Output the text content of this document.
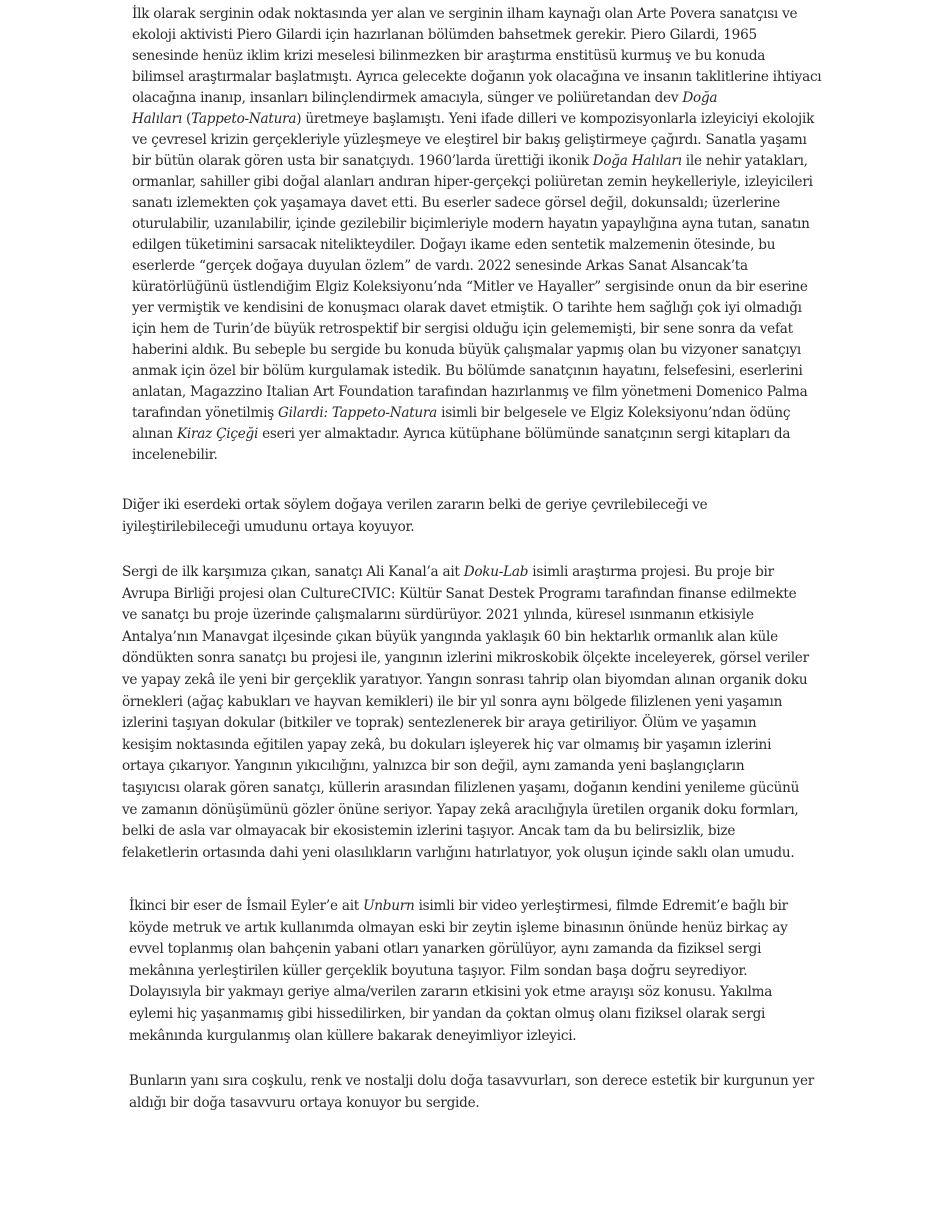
İlk olarak serginin odak noktasında yer alan ve serginin ilham kaynağı olan Arte Povera sanatçısı ve
ekoloji aktivisti Piero Gilardi için hazırlanan bölümden bahsetmek gerekir. Piero Gilardi, 1965
senesinde henüz iklim krizi meselesi bilinmezken bir araştırma enstitüsü kurmuş ve bu konuda
bilimsel araştırmalar başlatmıştı. Ayrıca gelecekte doğanın yok olacağına ve insanın taklitlerine ihtiyacı
olacağına inanıp, insanları bilinçlendirmek amacıyla, sünger ve poliüretandan dev Doğa
Halıları (Tappeto-Natura) üretmeye başlamıştı. Yeni ifade dilleri ve kompozisyonlarla izleyiciyi ekolojik
ve çevresel krizin gerçekleriyle yüzleşmeye ve eleştirel bir bakış geliştirmeye çağırdı. Sanatla yaşamı
bir bütün olarak gören usta bir sanatçıydı. 1960’larda ürettiği ikonik Doğa Halıları ile nehir yatakları,
ormanlar, sahiller gibi doğal alanları andıran hiper-gerçekçi poliüretan zemin heykelleriyle, izleyicileri
sanatı izlemekten çok yaşamaya davet etti. Bu eserler sadece görsel değil, dokunsaldı; üzerlerine
oturulabilir, uzanılabilir, içinde gezilebilir biçimleriyle modern hayatın yapaylığına ayna tutan, sanatın
edilgen tüketimini sarsacak nitelikteydiler. Doğayı ikame eden sentetik malzemenin ötesinde, bu
eserlerde “gerçek doğaya duyulan özlem” de vardı. 2022 senesinde Arkas Sanat Alsancak’ta
küratörlüğünü üstlendiğim Elgiz Koleksiyonu’nda “Mitler ve Hayaller” sergisinde onun da bir eserine
yer vermiştik ve kendisini de konuşmacı olarak davet etmiştik. O tarihte hem sağlığı çok iyi olmadığı
için hem de Turin’de büyük retrospektif bir sergisi olduğu için gelememişti, bir sene sonra da vefat
haberini aldık. Bu sebeple bu sergide bu konuda büyük çalışmalar yapmış olan bu vizyoner sanatçıyı
anmak için özel bir bölüm kurgulamak istedik. Bu bölümde sanatçının hayatını, felsefesini, eserlerini
anlatan, Magazzino Italian Art Foundation tarafından hazırlanmış ve film yönetmeni Domenico Palma
tarafından yönetilmiş Gilardi: Tappeto-Natura isimli bir belgesele ve Elgiz Koleksiyonu’ndan ödünç
alınan Kiraz Çiçeği eseri yer almaktadır. Ayrıca kütüphane bölümünde sanatçının sergi kitapları da
incelenebilir.

Diğer iki eserdeki ortak söylem doğaya verilen zararın belki de geriye çevrilebileceği ve
iyileştirilebileceği umudunu ortaya koyuyor.

Sergi de ilk karşımıza çıkan, sanatçı Ali Kanal’a ait Doku-Lab isimli araştırma projesi. Bu proje bir
Avrupa Birliği projesi olan CultureCIVIC: Kültür Sanat Destek Programı tarafından finanse edilmekte
ve sanatçı bu proje üzerinde çalışmalarını sürdürüyor. 2021 yılında, küresel ısınmanın etkisiyle
Antalya’nın Manavgat ilçesinde çıkan büyük yangında yaklaşık 60 bin hektarlık ormanlık alan küle
döndükten sonra sanatçı bu projesi ile, yangının izlerini mikroskobik ölçekte inceleyerek, görsel veriler
ve yapay zekâ ile yeni bir gerçeklik yaratıyor. Yangın sonrası tahrip olan biyomdan alınan organik doku
örnekleri (ağaç kabukları ve hayvan kemikleri) ile bir yıl sonra aynı bölgede filizlenen yeni yaşamın
izlerini taşıyan dokular (bitkiler ve toprak) sentezlenerek bir araya getiriliyor. Ölüm ve yaşamın
kesişim noktasında eğitilen yapay zekâ, bu dokuları işleyerek hiç var olmamış bir yaşamın izlerini
ortaya çıkarıyor. Yangının yıkıcılığını, yalnızca bir son değil, aynı zamanda yeni başlangıçların
taşıyıcısı olarak gören sanatçı, küllerin arasından filizlenen yaşamı, doğanın kendini yenileme gücünü
ve zamanın dönüşümünü gözler önüne seriyor. Yapay zekâ aracılığıyla üretilen organik doku formları,
belki de asla var olmayacak bir ekosistemin izlerini taşıyor. Ancak tam da bu belirsizlik, bize
felaketlerin ortasında dahi yeni olasılıkların varlığını hatırlatıyor, yok oluşun içinde saklı olan umudu.

İkinci bir eser de İsmail Eyler’e ait Unburn isimli bir video yerleştirmesi, filmde Edremit’e bağlı bir
köyde metruk ve artık kullanımda olmayan eski bir zeytin işleme binasının önünde henüz birkaç ay
evvel toplanmış olan bahçenin yabani otları yanarken görülüyor, aynı zamanda da fiziksel sergi
mekânına yerleştirilen küller gerçeklik boyutuna taşıyor. Film sondan başa doğru seyrediyor.
Dolayısıyla bir yakmayı geriye alma/verilen zararın etkisini yok etme arayışı söz konusu. Yakılma
eylemi hiç yaşanmamış gibi hissedilirken, bir yandan da çoktan olmuş olanı fiziksel olarak sergi
mekânında kurgulanmış olan küllere bakarak deneyimliyor izleyici.

Bunların yanı sıra coşkulu, renk ve nostalji dolu doğa tasavvurları, son derece estetik bir kurgunun yer
aldığı bir doğa tasavvuru ortaya konuyor bu sergide.
